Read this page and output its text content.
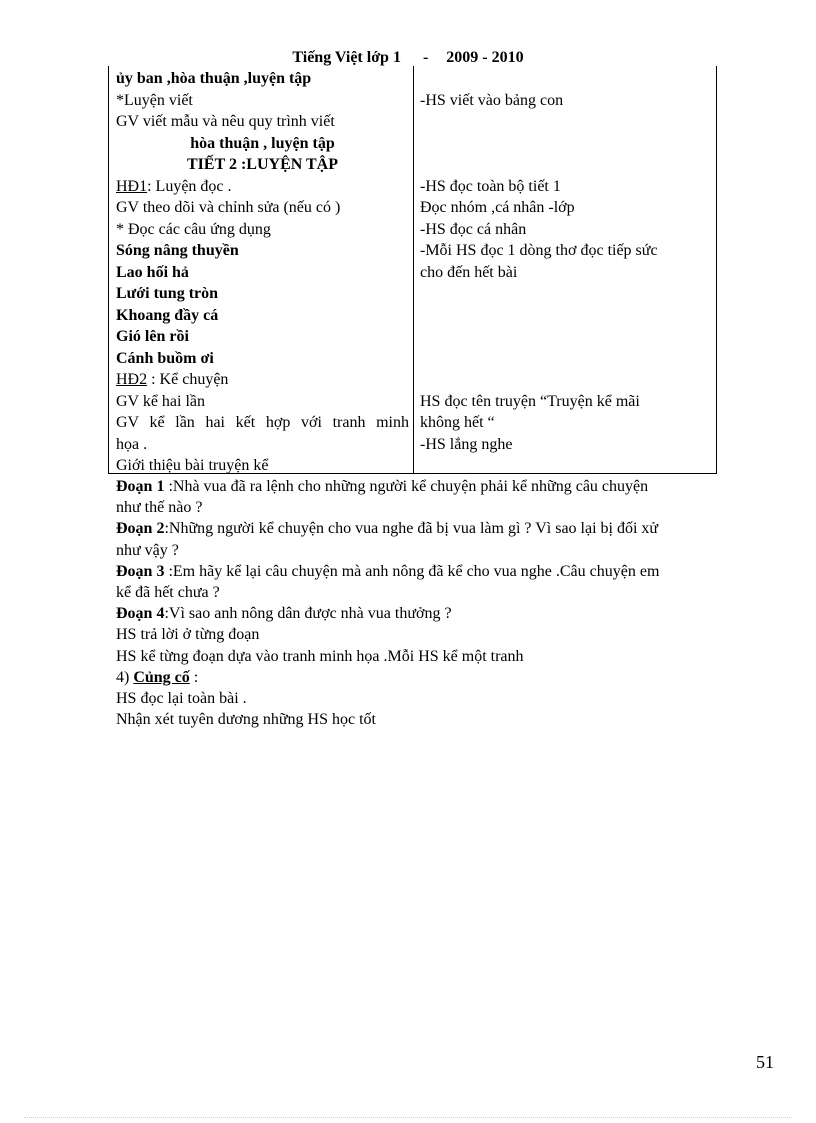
Tiếng Việt lớp 1 - 2009 - 2010
ủy ban ,hòa thuận ,luyện tập
*Luyện viết
GV viết mẫu và nêu quy trình viết
hòa thuận , luyện tập
TIẾT 2 :LUYỆN TẬP
HĐ1: Luyện đọc .
GV theo dõi và chỉnh sửa (nếu có )
* Đọc các câu ứng dụng
Sóng nâng thuyền
Lao hối hả
Lưới tung tròn
Khoang đầy cá
Gió lên rồi
Cánh buồm ơi
HĐ2 : Kể chuyện
GV kể hai lần
GV kể lần hai kết hợp với tranh minh
họa .
Giới thiệu bài truyện kể
-HS viết vào bảng con
-HS đọc toàn bộ tiết 1
Đọc nhóm ,cá nhân -lớp
-HS đọc cá nhân
-Mỗi HS đọc 1 dòng thơ đọc tiếp sức
cho đến hết bài
HS đọc tên truyện “Truyện kể mãi
không hết “
-HS lắng nghe
Đoạn 1 :Nhà vua đã ra lệnh cho những người kể chuyện phải kể những câu chuyện
như thế nào ?
Đoạn 2:Những người kể chuyện cho vua nghe đã bị vua làm gì ? Vì sao lại bị đối xử
như vậy ?
Đoạn 3 :Em hãy kể lại câu chuyện mà anh nông đã kể cho vua nghe .Câu chuyện em
kể đã hết chưa ?
Đoạn 4:Vì sao anh nông dân được nhà vua thưởng ?
HS trả lời ở từng đoạn
HS kể từng đoạn dựa vào tranh minh họa .Mỗi HS kể một tranh
4) Củng cố :
HS đọc lại toàn bài .
Nhận xét tuyên dương những HS học tốt
51
